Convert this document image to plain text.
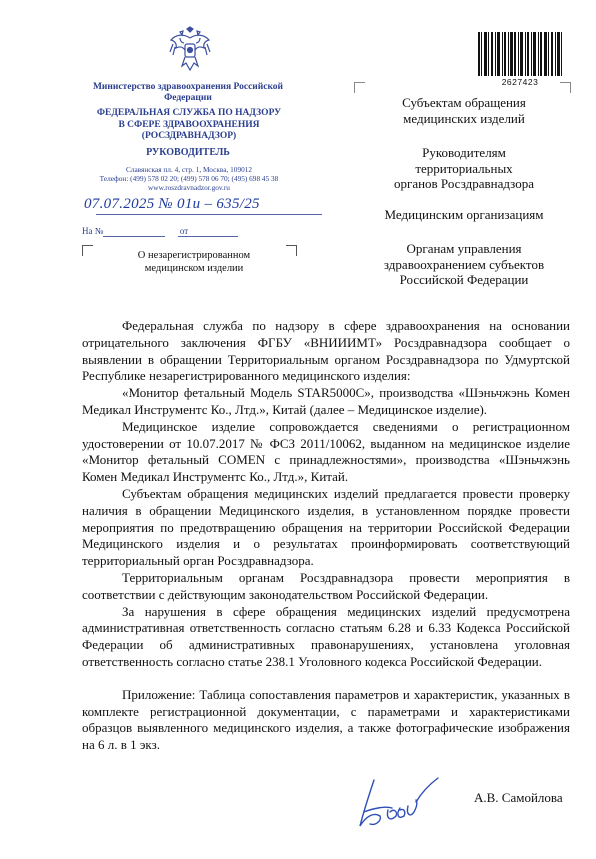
Министерство здравоохранения Российской Федерации
ФЕДЕРАЛЬНАЯ СЛУЖБА ПО НАДЗОРУ
В СФЕРЕ ЗДРАВООХРАНЕНИЯ
(РОСЗДРАВНАДЗОР)
РУКОВОДИТЕЛЬ
Славянская пл. 4, стр. 1, Москва, 109012
Телефон: (499) 578 02 20; (499) 578 06 70; (495) 698 45 38
www.roszdravnadzor.gov.ru
07.07.2025 № 01и – 635/25
На №	от
О незарегистрированном
медицинском изделии
2627423
Субъектам обращения
медицинских изделий
Руководителям
территориальных
органов Росздравнадзора
Медицинским организациям
Органам управления
здравоохранением субъектов
Российской Федерации

Федеральная служба по надзору в сфере здравоохранения на основании отрицательного заключения ФГБУ «ВНИИИМТ» Росздравнадзора сообщает о выявлении в обращении Территориальным органом Росздравнадзора по Удмуртской Республике незарегистрированного медицинского изделия:

«Монитор фетальный Модель STAR5000C», производства «Шэньчжэнь Комен Медикал Инструментс Ко., Лтд.», Китай (далее – Медицинское изделие).

Медицинское изделие сопровождается сведениями о регистрационном удостоверении от 10.07.2017 № ФСЗ 2011/10062, выданном на медицинское изделие «Монитор фетальный COMEN с принадлежностями», производства «Шэньчжэнь Комен Медикал Инструментс Ко., Лтд.», Китай.

Субъектам обращения медицинских изделий предлагается провести проверку наличия в обращении Медицинского изделия, в установленном порядке провести мероприятия по предотвращению обращения на территории Российской Федерации Медицинского изделия и о результатах проинформировать соответствующий территориальный орган Росздравнадзора.

Территориальным органам Росздравнадзора провести мероприятия в соответствии с действующим законодательством Российской Федерации.

За нарушения в сфере обращения медицинских изделий предусмотрена административная ответственность согласно статьям 6.28 и 6.33 Кодекса Российской Федерации об административных правонарушениях, установлена уголовная ответственность согласно статье 238.1 Уголовного кодекса Российской Федерации.

Приложение: Таблица сопоставления параметров и характеристик, указанных в комплекте регистрационной документации, с параметрами и характеристиками образцов выявленного медицинского изделия, а также фотографические изображения на 6 л. в 1 экз.

А.В. Самойлова
